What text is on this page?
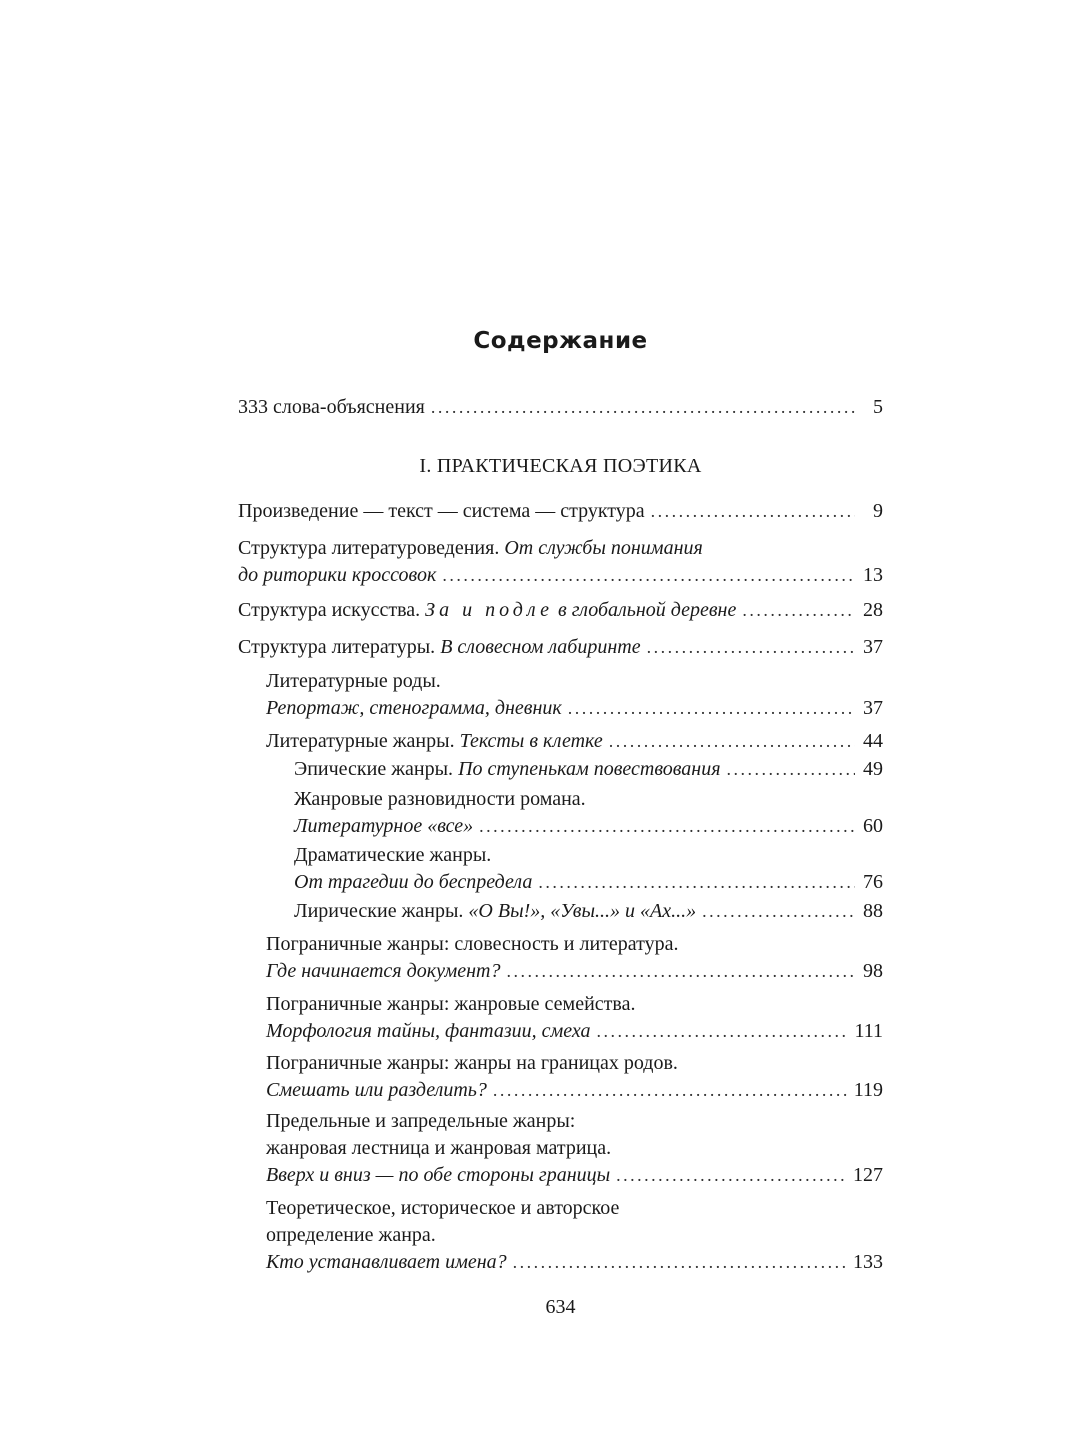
Содержание
333 слова-объяснения . . .	5
I. ПРАКТИЧЕСКАЯ ПОЭТИКА
Произведение — текст — система — структура . . .	9
Структура литературоведения.
От службы понимания
до риторики кроссовок . . .	13
Структура искусства.
За и подле
в глобальной деревне . . .	28
Структура литературы.
В словесном лабиринте . . .	37
Литературные роды.
Репортаж, стенограмма, дневник . . .	37
Литературные жанры.
Тексты в клетке . . .	44
Эпические жанры.
По ступенькам повествования . . .	49
Жанровые разновидности романа.
Литературное «все» . . .	60
Драматические жанры.
От трагедии до беспредела . . .	76
Лирические жанры.
«О Вы!», «Увы...» и «Ах...» . . .	88
Пограничные жанры: словесность и литература.
Где начинается документ? . . .	98
Пограничные жанры: жанровые семейства.
Морфология тайны, фантазии, смеха . . .	111
Пограничные жанры: жанры на границах родов.
Смешать или разделить? . . .	119
Предельные и запредельные жанры:
жанровая лестница и жанровая матрица.
Вверх и вниз — по обе стороны границы . . .	127
Теоретическое, историческое и авторское
определение жанра.
Кто устанавливает имена? . . .	133
634
